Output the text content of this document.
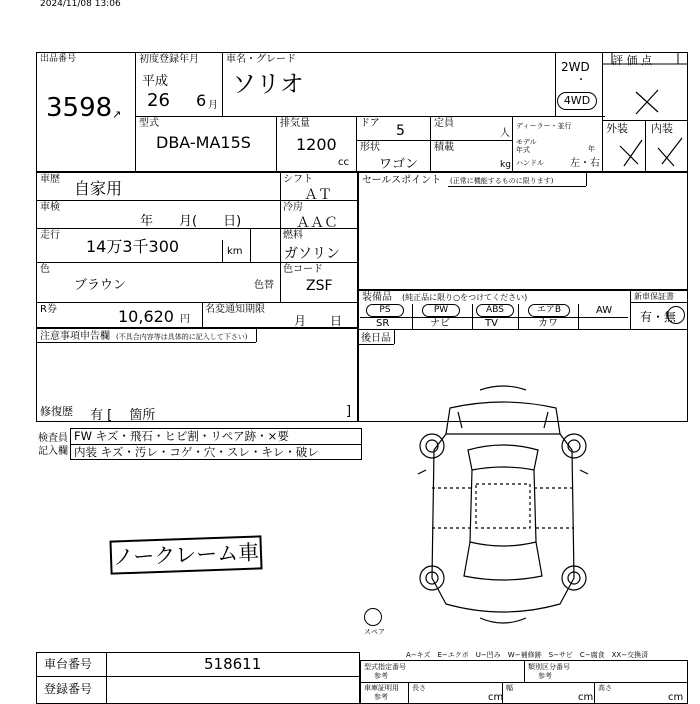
2024/11/08 13:06
出品番号
3598 ↗
初度登録年月
平成
26 6 月
車名・グレード
ソリオ
型式
DBA-MA15S
排気量
1200
cc
ドア 5	定員
人
形状
ワゴン
積載
kg
ディーラー・並行
モデル年式	年
ハンドル	左・右
2WD
・
4WD
評 価 点
外装 内装
車歴 自家用
車検
年　　月(　　日)
走行
14万3千300	km
色
ブラウン	色替
R券	10,620 円
名変通知期限
月　　日
シフト
ＡＴ
冷房
ＡＡＣ
燃料
ガソリン
色コード
ZSF
セールスポイント (正常に機能するものに限ります)
装備品 (純正品に限り○をつけてください)
PS	PW	ABS	エアB	AW
SR	ナビ	TV	カワ
新車保証書
有・無
注意事項申告欄 (不具合内容等は具体的に記入して下さい)
修復歴 有 [　 箇所	]
後日品
検査員
記入欄
FW キズ・飛石・ヒビ割・リペア跡・×要
内装 キズ・汚レ・コゲ・穴・スレ・キレ・破レ
ノークレーム車
スペア
A−キズ　E−エクボ　U−凹み　W−補修跡　S−サビ　C−腐食　XX−交換済
車台番号	518611
登録番号
型式指定番号
参考
類別区分番号
参考
車庫証明用
参考
長さ
cm
幅
cm
高さ
cm
